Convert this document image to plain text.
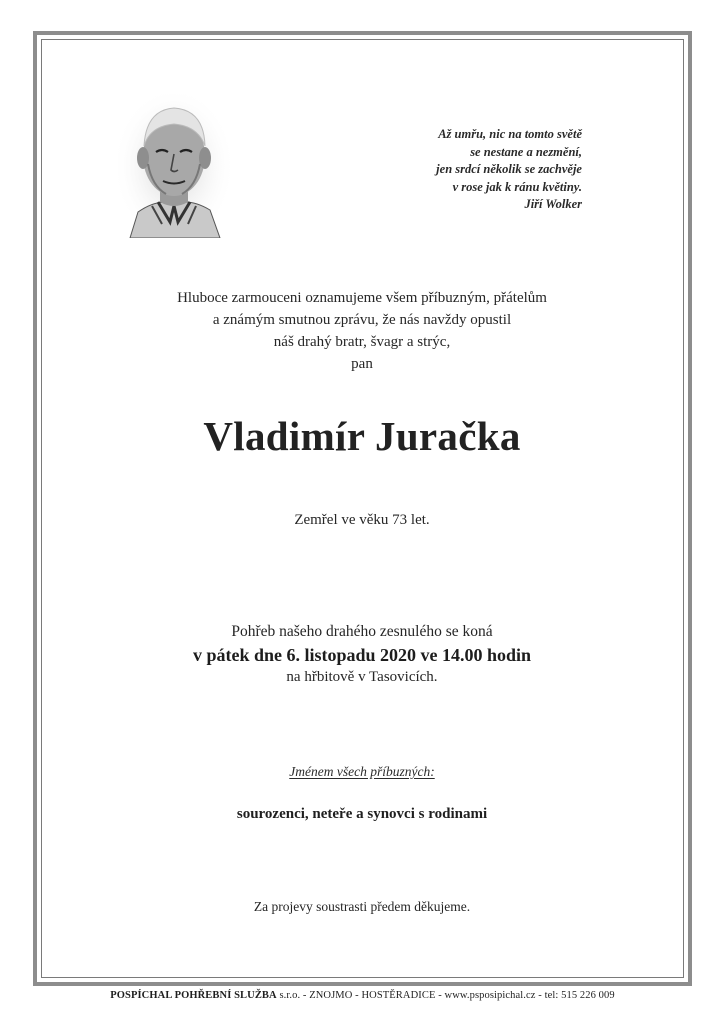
Až umřu, nic na tomto světě
se nestane a nezmění,
jen srdcí několik se zachvěje
v rose jak k ránu květiny.
Jiří Wolker
Hluboce zarmouceni oznamujeme všem příbuzným, přátelům
a známým smutnou zprávu, že nás navždy opustil
náš drahý bratr, švagr a strýc,
pan
Vladimír Juračka
Zemřel ve věku 73 let.
Pohřeb našeho drahého zesnulého se koná
v pátek dne 6. listopadu 2020 ve 14.00 hodin
na hřbitově v Tasovicích.
Jménem všech příbuzných:
sourozenci, neteře a synovci s rodinami
Za projevy soustrasti předem děkujeme.
POSPÍCHAL POHŘEBNÍ SLUŽBA s.r.o. - ZNOJMO - HOSTĚRADICE - www.psposipichal.cz - tel: 515 226 009
